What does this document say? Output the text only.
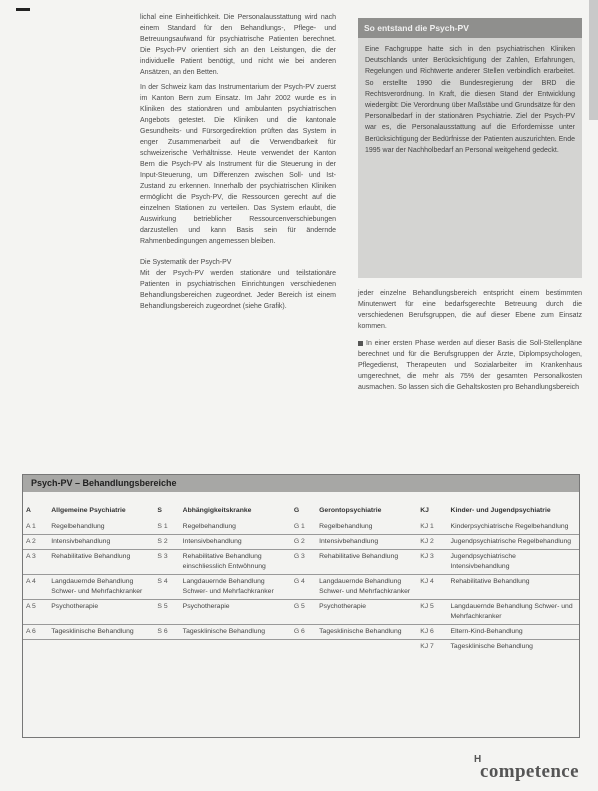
lichal eine Einheitlichkeit. Die Personalausstattung wird nach einem Standard für den Behandlungs-, Pflege- und Betreuungsaufwand für psychiatrische Patienten berechnet. Die Psych-PV orientiert sich an den Leistungen, die der individuelle Patient benötigt, und nicht wie bei anderen Ansätzen, an den Betten.

In der Schweiz kam das Instrumentarium der Psych-PV zuerst im Kanton Bern zum Einsatz. Im Jahr 2002 wurde es in Kliniken des stationären und ambulanten psychiatrischen Angebots getestet. Die Kliniken und die kantonale Gesundheits- und Fürsorgedirektion prüften das System in enger Zusammenarbeit auf die Verwendbarkeit für schweizerische Verhältnisse. Heute verwendet der Kanton Bern die Psych-PV als Instrument für die Steuerung in der Input-Steuerung, um Differenzen zwischen Soll- und Ist-Zustand zu erkennen. Innerhalb der psychiatrischen Kliniken ermöglicht die Psych-PV, die Ressourcen gerecht auf die einzelnen Stationen zu verteilen. Das System erlaubt, die Auswirkung betrieblicher Ressourcenverschiebungen darzustellen und kann Basis sein für ändernde Rahmenbedingungen angemessen bleiben.

Die Systematik der Psych-PV

Mit der Psych-PV werden stationäre und teilstationäre Patienten in psychiatrischen Einrichtungen verschiedenen Behandlungsbereichen zugeordnet. Jeder Bereich ist einem Behandlungsbereich zugeordnet (siehe Grafik).

So entstand die Psych-PV
Eine Fachgruppe hatte sich in den psychiatrischen Kliniken Deutschlands unter Berücksichtigung der Zahlen, Erfahrungen, Regelungen und Richtwerte anderer Stellen verbindlich erarbeitet. So erstellte 1990 die Bundesregierung der BRD die Rechtsverordnung. In Kraft, die diesen Stand der Entwicklung wiedergibt: Die Verordnung über Maßstäbe und Grundsätze für den Personalbedarf in der stationären Psychiatrie. Ziel der Psych-PV war es, die Personalausstattung auf die Erfordernisse unter Berücksichtigung der Bedürfnisse der Patienten auszurichten. Ende 1995 war der Nachholbedarf an Personal weitgehend gedeckt.

jeder einzelne Behandlungsbereich entspricht einem bestimmten Minutenwert für eine bedarfsgerechte Betreuung durch die verschiedenen Berufsgruppen, die auf dieser Ebene zum Einsatz kommen.

In einer ersten Phase werden auf dieser Basis die Soll-Stellenpläne berechnet und für die Berufsgruppen der Ärzte, Diplompsychologen, Pflegedienst, Therapeuten und Sozialarbeiter im Krankenhaus umgerechnet, die mehr als 75% der gesamten Personalkosten ausmachen. So lassen sich die Gehaltskosten pro Behandlungsbereich

Psych-PV – Behandlungsbereiche
A	Allgemeine Psychiatrie	S	Abhängigkeitskranke	G	Gerontopsychiatrie	KJ	Kinder- und Jugendpsychiatrie
A 1	Regelbehandlung	S 1	Regelbehandlung	G 1	Regelbehandlung	KJ 1	Kinderpsychiatrische Regelbehandlung
A 2	Intensivbehandlung	S 2	Intensivbehandlung	G 2	Intensivbehandlung	KJ 2	Jugendpsychiatrische Regelbehandlung
A 3	Rehabilitative Behandlung	S 3	Rehabilitative Behandlung einschliesslich Entwöhnung	G 3	Rehabilitative Behandlung	KJ 3	Jugendpsychiatrische Intensivbehandlung
A 4	Langdauernde Behandlung Schwer- und Mehrfachkranker	S 4	Langdauernde Behandlung Schwer- und Mehrfachkranker	G 4	Langdauernde Behandlung Schwer- und Mehrfachkranker	KJ 4	Rehabilitative Behandlung
A 5	Psychotherapie	S 5	Psychotherapie	G 5	Psychotherapie	KJ 5	Langdauernde Behandlung Schwer- und Mehrfachkranker
A 6	Tagesklinische Behandlung	S 6	Tagesklinische Behandlung	G 6	Tagesklinische Behandlung	KJ 6	Eltern-Kind-Behandlung
						KJ 7	Tagesklinische Behandlung
H
competence
